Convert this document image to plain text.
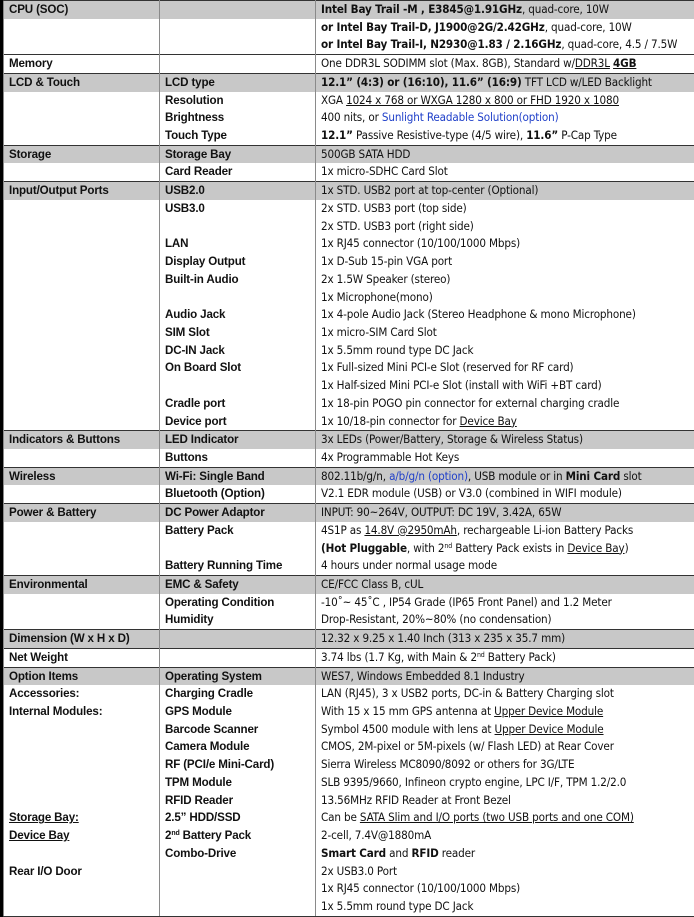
CPU (SOC)		Intel Bay Trail -M , E3845@1.91GHz, quad-core, 10W
		or Intel Bay Trail-D, J1900@2G/2.42GHz, quad-core, 10W
		or Intel Bay Trail-I, N2930@1.83 / 2.16GHz, quad-core, 4.5 / 7.5W
Memory		One DDR3L SODIMM slot (Max. 8GB), Standard w/DDR3L 4GB
LCD & Touch	LCD type	12.1” (4:3) or (16:10), 11.6” (16:9) TFT LCD w/LED Backlight
	Resolution	XGA 1024 x 768 or WXGA 1280 x 800 or FHD 1920 x 1080
	Brightness	400 nits, or Sunlight Readable Solution(option)
	Touch Type	12.1” Passive Resistive-type (4/5 wire), 11.6” P-Cap Type
Storage	Storage Bay	500GB SATA HDD
	Card Reader	1x micro-SDHC Card Slot
Input/Output Ports	USB2.0	1x STD. USB2 port at top-center (Optional)
	USB3.0	2x STD. USB3 port (top side)
		2x STD. USB3 port (right side)
	LAN	1x RJ45 connector (10/100/1000 Mbps)
	Display Output	1x D-Sub 15-pin VGA port
	Built-in Audio	2x 1.5W Speaker (stereo)
		1x Microphone(mono)
	Audio Jack	1x 4-pole Audio Jack (Stereo Headphone & mono Microphone)
	SIM Slot	1x micro-SIM Card Slot
	DC-IN Jack	1x 5.5mm round type DC Jack
	On Board Slot	1x Full-sized Mini PCI-e Slot (reserved for RF card)
		1x Half-sized Mini PCI-e Slot (install with WiFi +BT card)
	Cradle port	1x 18-pin POGO pin connector for external charging cradle
	Device port	1x 10/18-pin connector for Device Bay
Indicators & Buttons	LED Indicator	3x LEDs (Power/Battery, Storage & Wireless Status)
	Buttons	4x Programmable Hot Keys
Wireless	Wi-Fi: Single Band	802.11b/g/n, a/b/g/n (option), USB module or in Mini Card slot
	Bluetooth (Option)	V2.1 EDR module (USB) or V3.0 (combined in WIFI module)
Power & Battery	DC Power Adaptor	INPUT: 90~264V, OUTPUT: DC 19V, 3.42A, 65W
	Battery Pack	4S1P as 14.8V @2950mAh, rechargeable Li-ion Battery Packs
		(Hot Pluggable, with 2nd Battery Pack exists in Device Bay)
	Battery Running Time	4 hours under normal usage mode
Environmental	EMC & Safety	CE/FCC Class B, cUL
	Operating Condition	-10˚~ 45˚C , IP54 Grade (IP65 Front Panel) and 1.2 Meter
	Humidity	Drop-Resistant, 20%~80% (no condensation)
Dimension (W x H x D)		12.32 x 9.25 x 1.40 Inch (313 x 235 x 35.7 mm)
Net Weight		3.74 lbs (1.7 Kg, with Main & 2nd Battery Pack)
Option Items	Operating System	WES7, Windows Embedded 8.1 Industry
Accessories:	Charging Cradle	LAN (RJ45), 3 x USB2 ports, DC-in & Battery Charging slot
Internal Modules:	GPS Module	With 15 x 15 mm GPS antenna at Upper Device Module
	Barcode Scanner	Symbol 4500 module with lens at Upper Device Module
	Camera Module	CMOS, 2M-pixel or 5M-pixels (w/ Flash LED) at Rear Cover
	RF (PCI/e Mini-Card)	Sierra Wireless MC8090/8092 or others for 3G/LTE
	TPM Module	SLB 9395/9660, Infineon crypto engine, LPC I/F, TPM 1.2/2.0
	RFID Reader	13.56MHz RFID Reader at Front Bezel
Storage Bay:	2.5” HDD/SSD	Can be SATA Slim and I/O ports (two USB ports and one COM)
Device Bay	2nd Battery Pack	2-cell, 7.4V@1880mA
	Combo-Drive	Smart Card and RFID reader
Rear I/O Door		2x USB3.0 Port
		1x RJ45 connector (10/100/1000 Mbps)
		1x 5.5mm round type DC Jack
